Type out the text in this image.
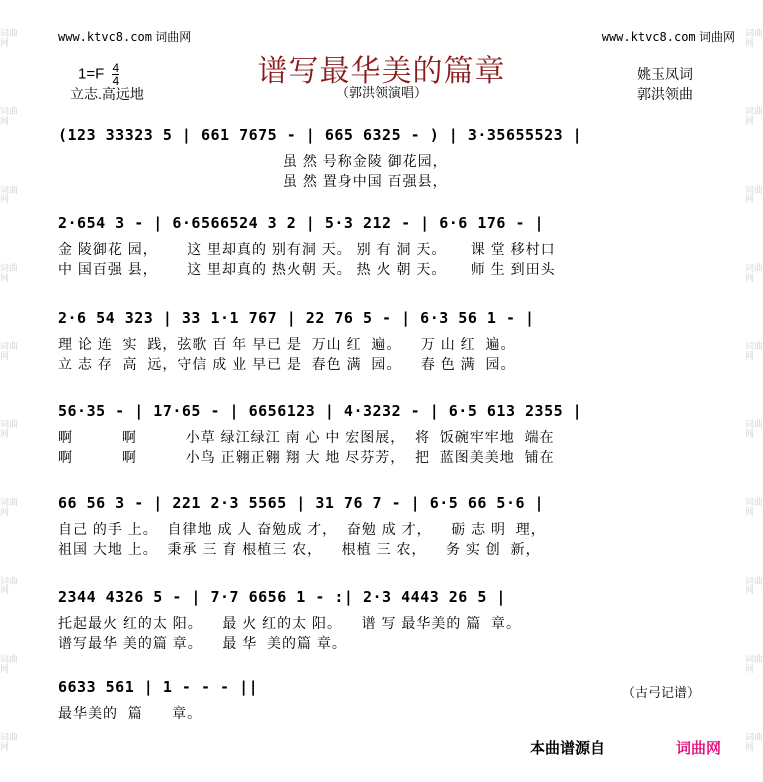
词曲网
词曲网
词曲网
词曲网
词曲网
词曲网
词曲网
词曲网
词曲网
词曲网
词曲网
词曲网
词曲网
词曲网
词曲网
词曲网
词曲网
词曲网
词曲网
词曲网
www.ktvc8.com 词曲网	www.ktvc8.com 词曲网
谱写最华美的篇章
$1=F \frac{4}{4}$
立志.高远地	（郭洪领演唱）
姚玉凤词
郭洪领曲
(123 33323 5 | 661 7675 - | 665 6325 - ) | 3·35655523 |
虽 然 号称金陵 御花园，
虽 然 置身中国 百强县，
2·654 3 - | 6·6566524 3 2 | 5·3 212 - | 6·6 176 - |
金 陵御花 园，      这 里却真的 别有洞 天。 别 有 洞 天。     课 堂 移村口
中 国百强 县，      这 里却真的 热火朝 天。 热 火 朝 天。     师 生 到田头
2·6 54 323 | 33 1·1 767 | 22 76 5 - | 6·3 56 1 - |
理 论 连  实  践，弦歌 百 年 早已 是  万山 红  遍。    万 山 红  遍。
立 志 存  高  远，守信 成 业 早已 是  春色 满  园。    春 色 满  园。
56·35 - | 17·65 - | 6656123 | 4·3232 - | 6·5 613 2355 |
啊          啊          小草 绿江绿江 南 心 中 宏图展，  将  饭碗牢牢地  端在
啊          啊          小鸟 正翱正翱 翔 大 地 尽芬芳，  把  蓝图美美地  铺在
66 56 3 - | 221 2·3 5565 | 31 76 7 - | 6·5 66 5·6 |
自己 的手 上。  自律地 成 人 奋勉成 才，  奋勉 成 才，    砺 志 明  理，
祖国 大地 上。  秉承 三 育 根植三 农，    根植 三 农，    务 实 创  新，
2344 4326 5 - | 7·7 6656 1 - :| 2·3 4443 26 5 |
托起最火 红的太 阳。    最 火 红的太 阳。    谱 写 最华美的 篇  章。
谱写最华 美的篇 章。    最 华  美的篇 章。
6633 561 | 1 - - - ||
最华美的  篇      章。
（古弓记谱）
本曲谱源自	词曲网
